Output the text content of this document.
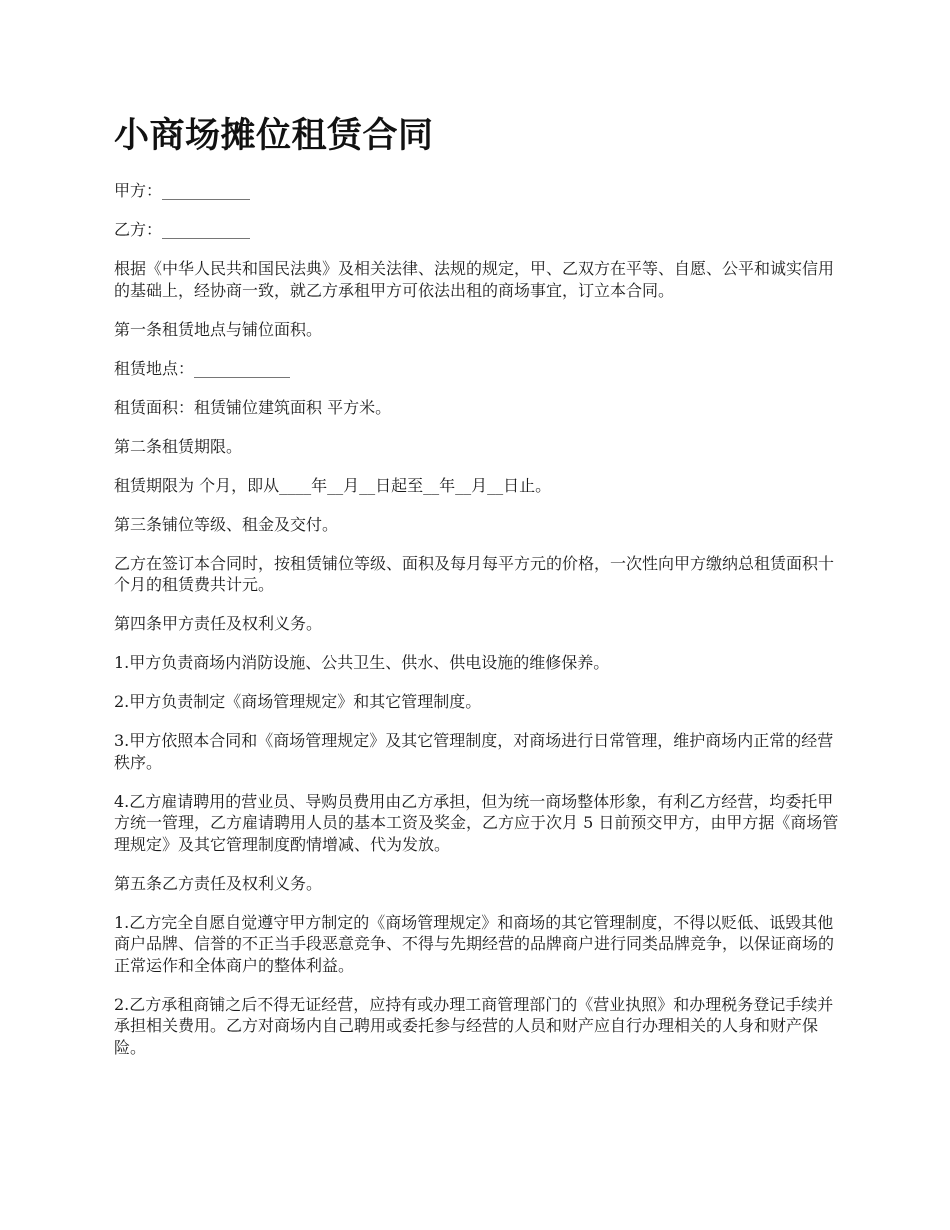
小商场摊位租赁合同

甲方：___________

乙方：___________

根据《中华人民共和国民法典》及相关法律、法规的规定，甲、乙双方在平等、自愿、公平和诚实信用的基础上，经协商一致，就乙方承租甲方可依法出租的商场事宜，订立本合同。

第一条租赁地点与铺位面积。

租赁地点：____________

租赁面积：租赁铺位建筑面积 平方米。

第二条租赁期限。

租赁期限为 个月，即从____年__月__日起至__年__月__日止。

第三条铺位等级、租金及交付。

乙方在签订本合同时，按租赁铺位等级、面积及每月每平方元的价格，一次性向甲方缴纳总租赁面积十个月的租赁费共计元。

第四条甲方责任及权利义务。

1.甲方负责商场内消防设施、公共卫生、供水、供电设施的维修保养。

2.甲方负责制定《商场管理规定》和其它管理制度。

3.甲方依照本合同和《商场管理规定》及其它管理制度，对商场进行日常管理，维护商场内正常的经营秩序。

4.乙方雇请聘用的营业员、导购员费用由乙方承担，但为统一商场整体形象，有利乙方经营，均委托甲方统一管理，乙方雇请聘用人员的基本工资及奖金，乙方应于次月 5 日前预交甲方，由甲方据《商场管理规定》及其它管理制度酌情增减、代为发放。

第五条乙方责任及权利义务。

1.乙方完全自愿自觉遵守甲方制定的《商场管理规定》和商场的其它管理制度，不得以贬低、诋毁其他商户品牌、信誉的不正当手段恶意竞争、不得与先期经营的品牌商户进行同类品牌竞争，以保证商场的正常运作和全体商户的整体利益。

2.乙方承租商铺之后不得无证经营，应持有或办理工商管理部门的《营业执照》和办理税务登记手续并承担相关费用。乙方对商场内自己聘用或委托参与经营的人员和财产应自行办理相关的人身和财产保险。
